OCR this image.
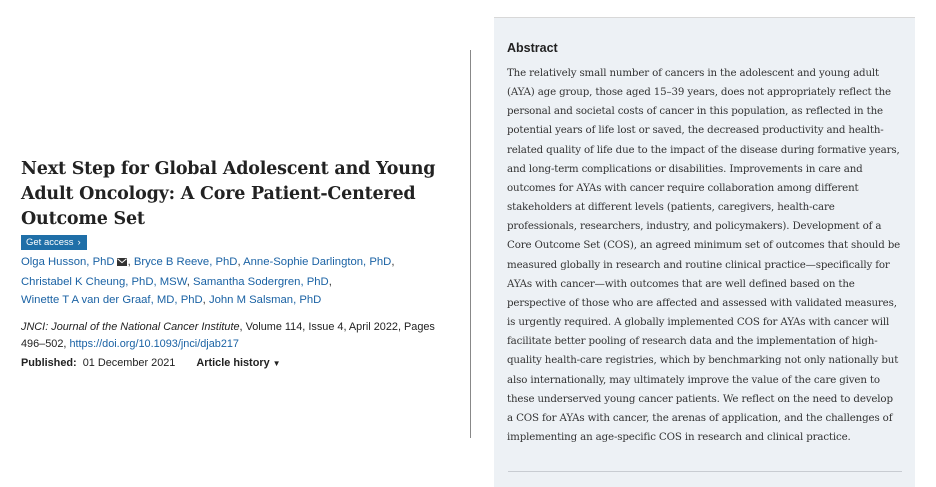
Next Step for Global Adolescent and Young Adult Oncology: A Core Patient-Centered Outcome Set
Get access ›
Olga Husson, PhD , Bryce B Reeve, PhD, Anne-Sophie Darlington, PhD,
Christabel K Cheung, PhD, MSW, Samantha Sodergren, PhD,
Winette T A van der Graaf, MD, PhD, John M Salsman, PhD
JNCI: Journal of the National Cancer Institute, Volume 114, Issue 4, April 2022, Pages 496–502, https://doi.org/10.1093/jnci/djab217
Published: 01 December 2021 Article history ▼
Abstract

The relatively small number of cancers in the adolescent and young adult (AYA) age group, those aged 15–39 years, does not appropriately reflect the personal and societal costs of cancer in this population, as reflected in the potential years of life lost or saved, the decreased productivity and health-related quality of life due to the impact of the disease during formative years, and long-term complications or disabilities. Improvements in care and outcomes for AYAs with cancer require collaboration among different stakeholders at different levels (patients, caregivers, health-care professionals, researchers, industry, and policymakers). Development of a Core Outcome Set (COS), an agreed minimum set of outcomes that should be measured globally in research and routine clinical practice—specifically for AYAs with cancer—with outcomes that are well defined based on the perspective of those who are affected and assessed with validated measures, is urgently required. A globally implemented COS for AYAs with cancer will facilitate better pooling of research data and the implementation of high-quality health-care registries, which by benchmarking not only nationally but also internationally, may ultimately improve the value of the care given to these underserved young cancer patients. We reflect on the need to develop a COS for AYAs with cancer, the arenas of application, and the challenges of implementing an age-specific COS in research and clinical practice.
